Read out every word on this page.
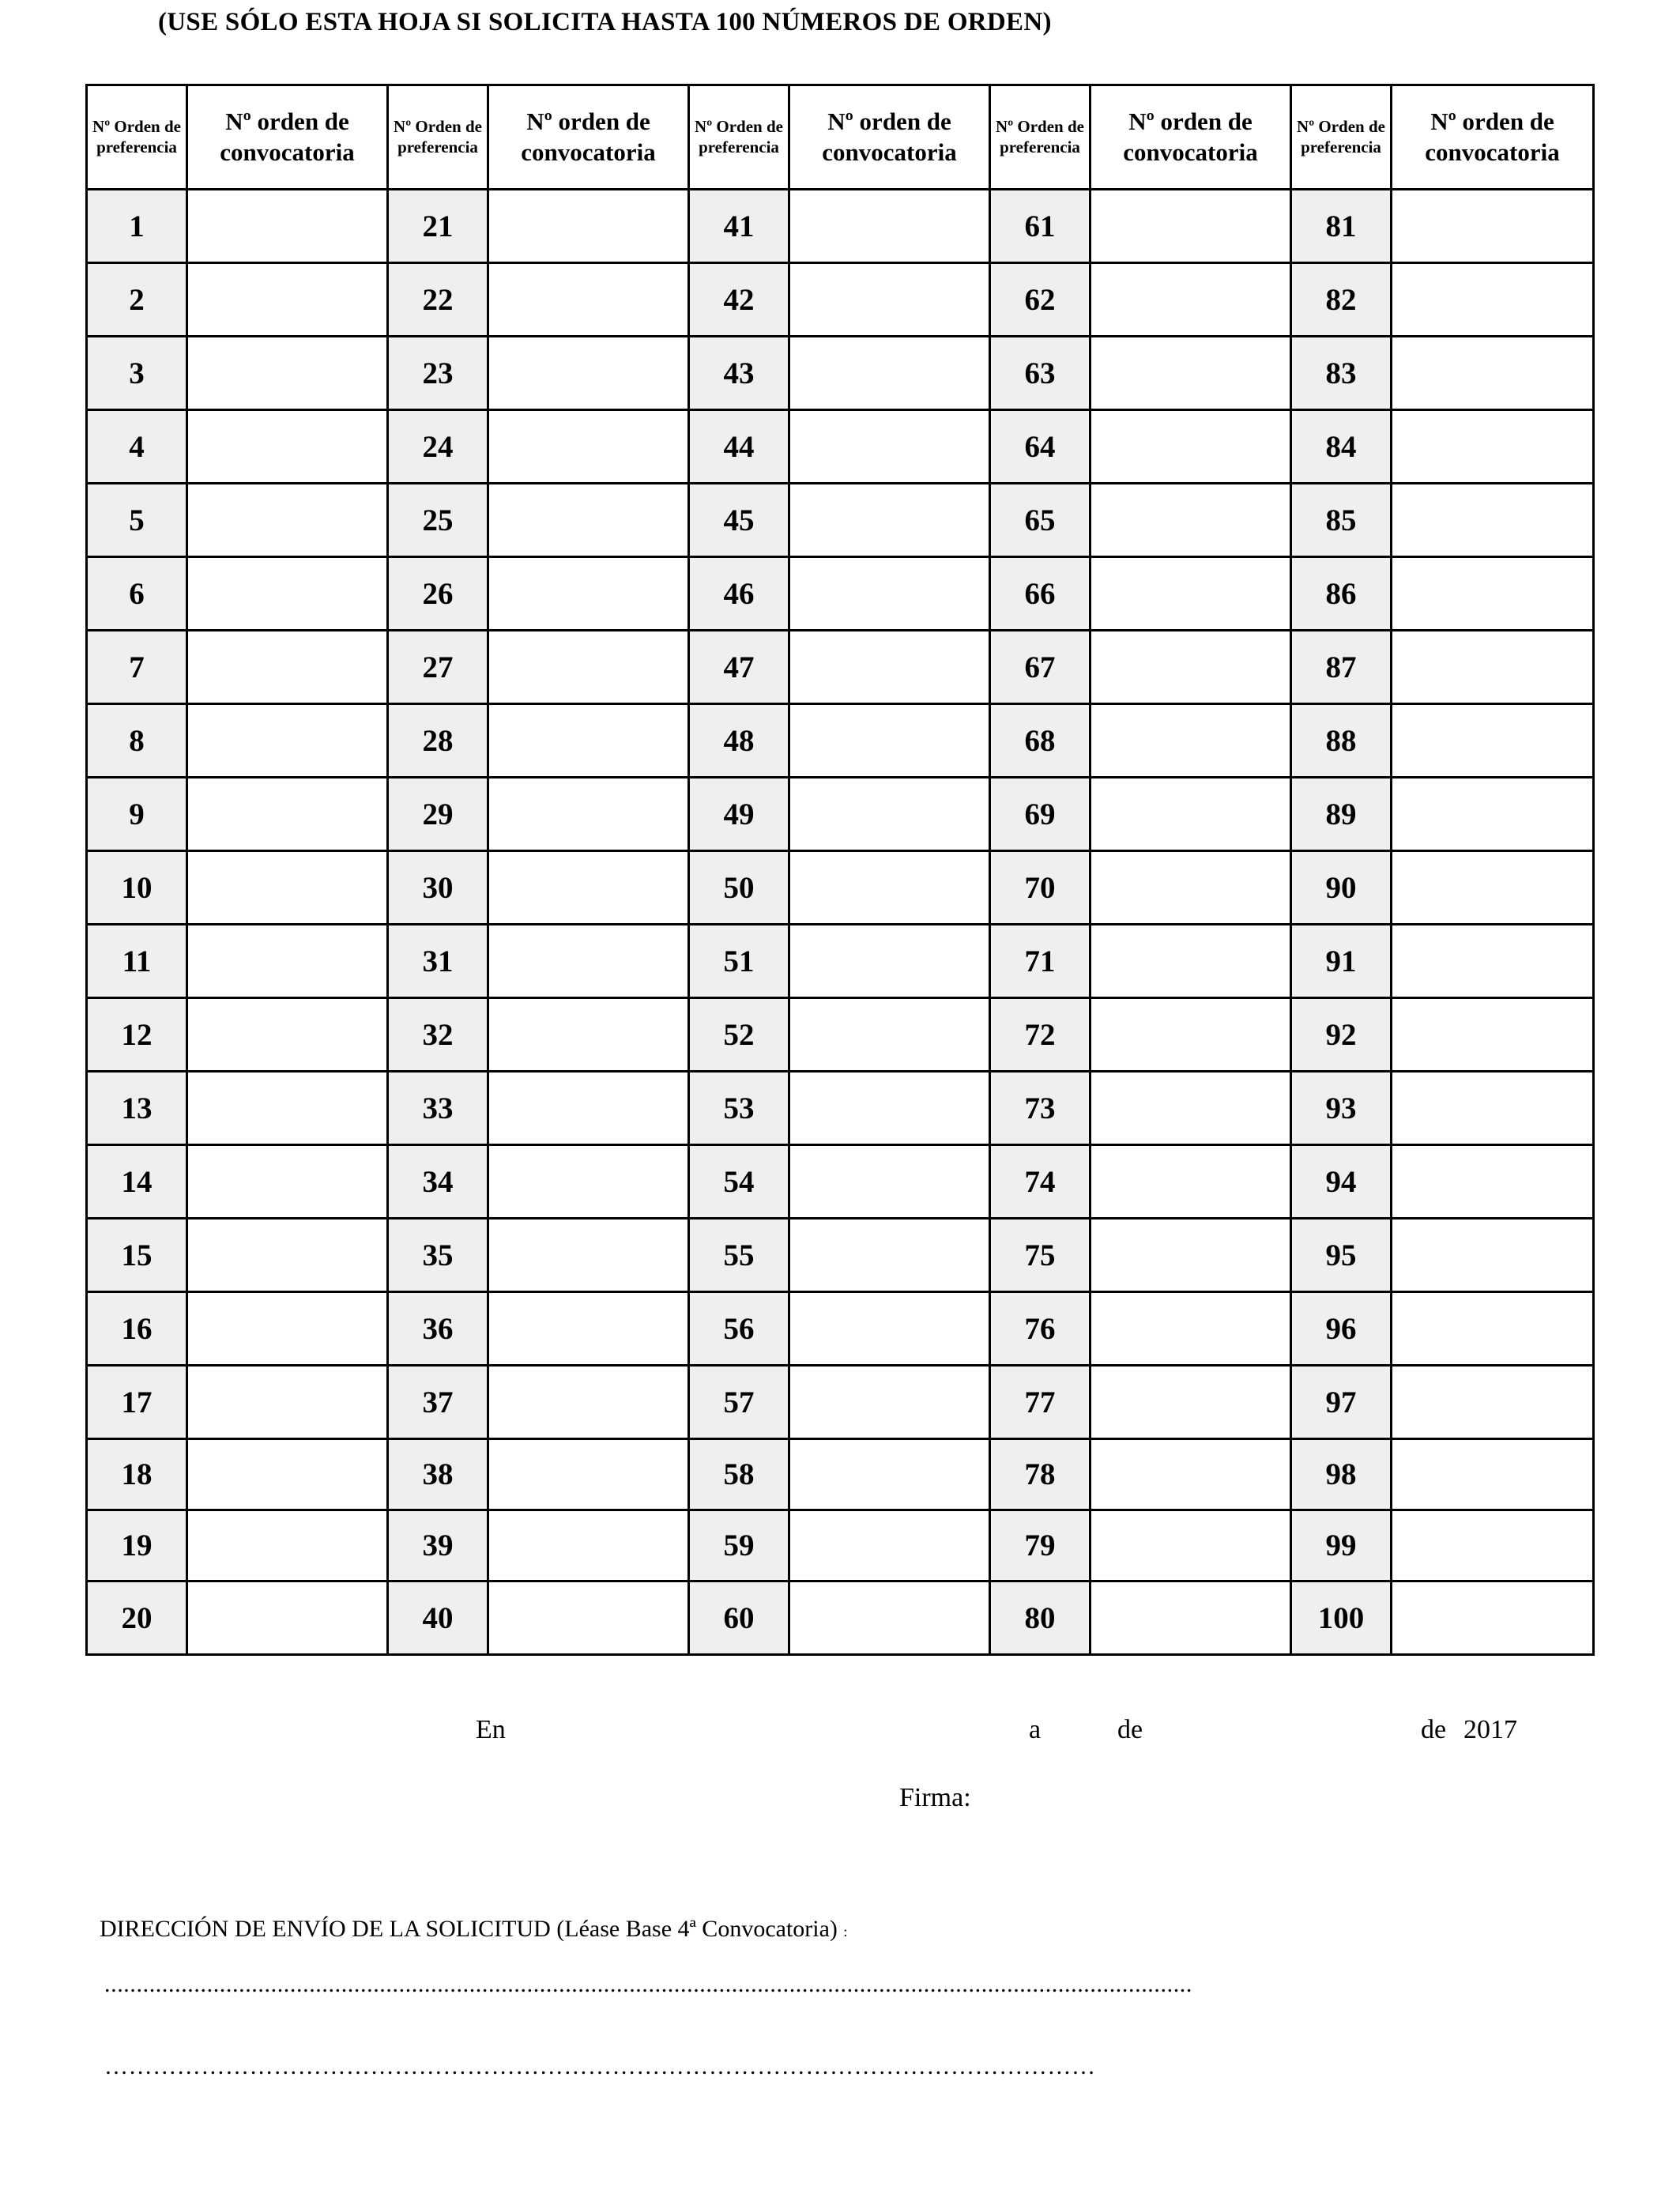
(USE SÓLO ESTA HOJA SI SOLICITA HASTA 100 NÚMEROS DE ORDEN)
Nº Orden de preferencia	Nº orden de convocatoria	Nº Orden de preferencia	Nº orden de convocatoria	Nº Orden de preferencia	Nº orden de convocatoria	Nº Orden de preferencia	Nº orden de convocatoria	Nº Orden de preferencia	Nº orden de convocatoria
1		21		41		61		81	
2		22		42		62		82	
3		23		43		63		83	
4		24		44		64		84	
5		25		45		65		85	
6		26		46		66		86	
7		27		47		67		87	
8		28		48		68		88	
9		29		49		69		89	
10		30		50		70		90	
11		31		51		71		91	
12		32		52		72		92	
13		33		53		73		93	
14		34		54		74		94	
15		35		55		75		95	
16		36		56		76		96	
17		37		57		77		97	
18		38		58		78		98	
19		39		59		79		99	
20		40		60		80		100	
En	a	de	de 2017
Firma:
DIRECCIÓN DE ENVÍO DE LA SOLICITUD (Léase Base 4ª Convocatoria) :
..........................................................................................................................................................................
……………………………………………………………………………………………………………
